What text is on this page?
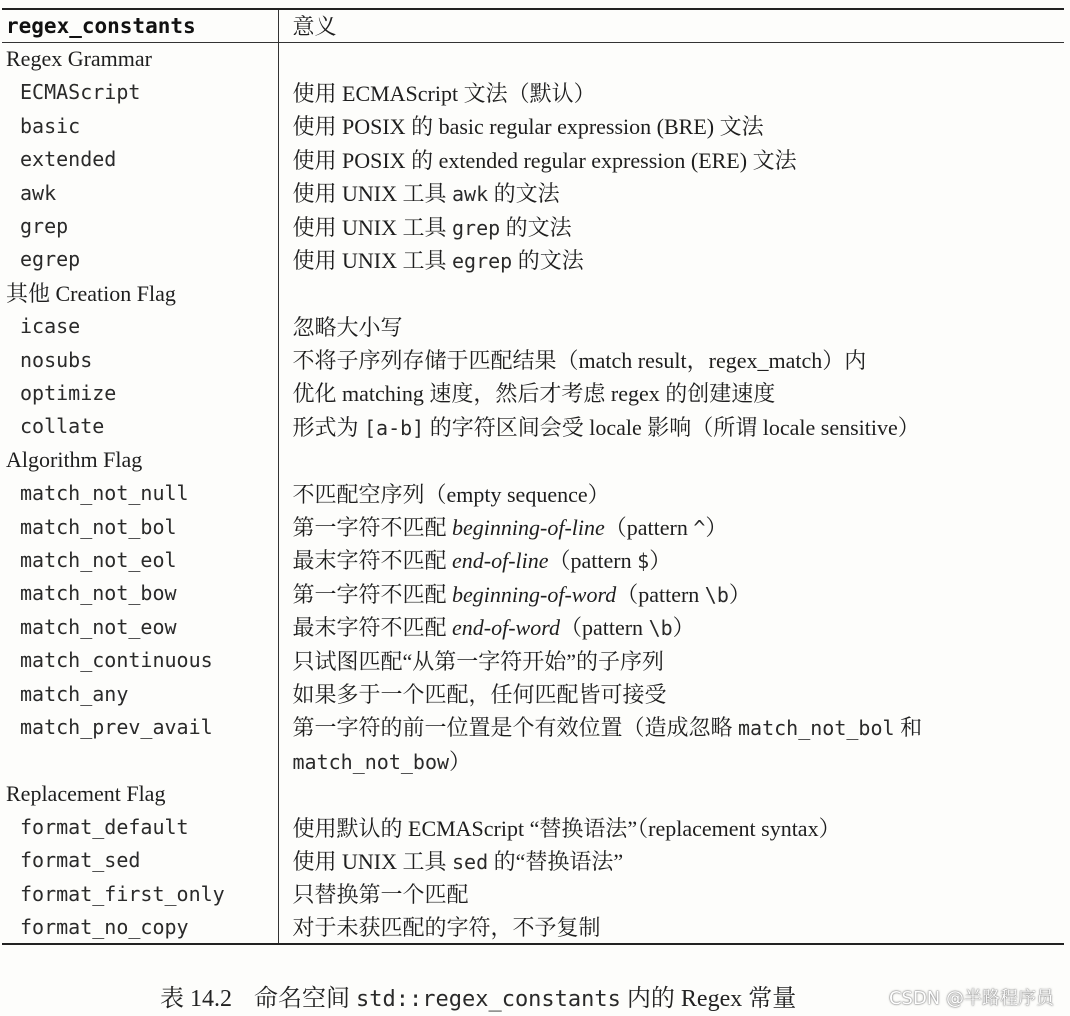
regex_constants	意义
Regex Grammar	
ECMAScript	使用 ECMAScript 文法（默认）
basic	使用 POSIX 的 basic regular expression (BRE) 文法
extended	使用 POSIX 的 extended regular expression (ERE) 文法
awk	使用 UNIX 工具 awk 的文法
grep	使用 UNIX 工具 grep 的文法
egrep	使用 UNIX 工具 egrep 的文法
其他 Creation Flag	
icase	忽略大小写
nosubs	不将子序列存储于匹配结果（match result，regex_match）内
optimize	优化 matching 速度，然后才考虑 regex 的创建速度
collate	形式为 [a-b] 的字符区间会受 locale 影响（所谓 locale sensitive）
Algorithm Flag	
match_not_null	不匹配空序列（empty sequence）
match_not_bol	第一字符不匹配 beginning-of-line（pattern ^）
match_not_eol	最末字符不匹配 end-of-line（pattern $）
match_not_bow	第一字符不匹配 beginning-of-word（pattern \b）
match_not_eow	最末字符不匹配 end-of-word（pattern \b）
match_continuous	只试图匹配“从第一字符开始”的子序列
match_any	如果多于一个匹配，任何匹配皆可接受
match_prev_avail	第一字符的前一位置是个有效位置（造成忽略 match_not_bol 和
	match_not_bow）
Replacement Flag	
format_default	使用默认的 ECMAScript “替换语法”（replacement syntax）
format_sed	使用 UNIX 工具 sed 的“替换语法”
format_first_only	只替换第一个匹配
format_no_copy	对于未获匹配的字符，不予复制
表 14.2 命名空间 std::regex_constants 内的 Regex 常量	CSDN @半路程序员
